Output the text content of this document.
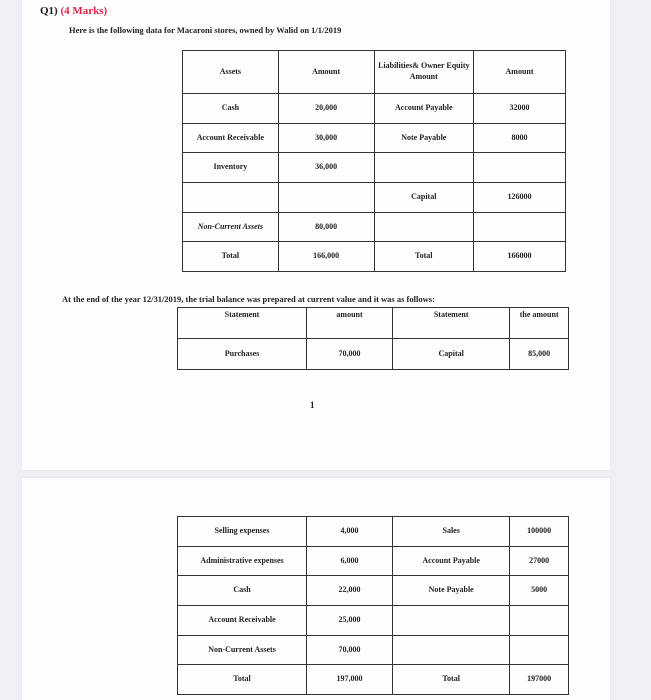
Q1) (4 Marks)
Here is the following data for Macaroni stores, owned by Walid on 1/1/2019
Assets	Amount	Liabilities& Owner Equity Amount	Amount
Cash	20,000	Account Payable	32000
Account Receivable	30,000	Note Payable	8000
Inventory	36,000		
		Capital	126000
Non-Current Assets	80,000		
Total	166,000	Total	166000
At the end of the year 12/31/2019, the trial balance was prepared at current value and it was as follows:
Statement	amount	Statement	the amount
Purchases	70,000	Capital	85,000
1
Selling expenses	4,000	Sales	100000
Administrative expenses	6,000	Account Payable	27000
Cash	22,000	Note Payable	5000
Account Receivable	25,000		
Non-Current Assets	70,000		
Total	197,000	Total	197000
